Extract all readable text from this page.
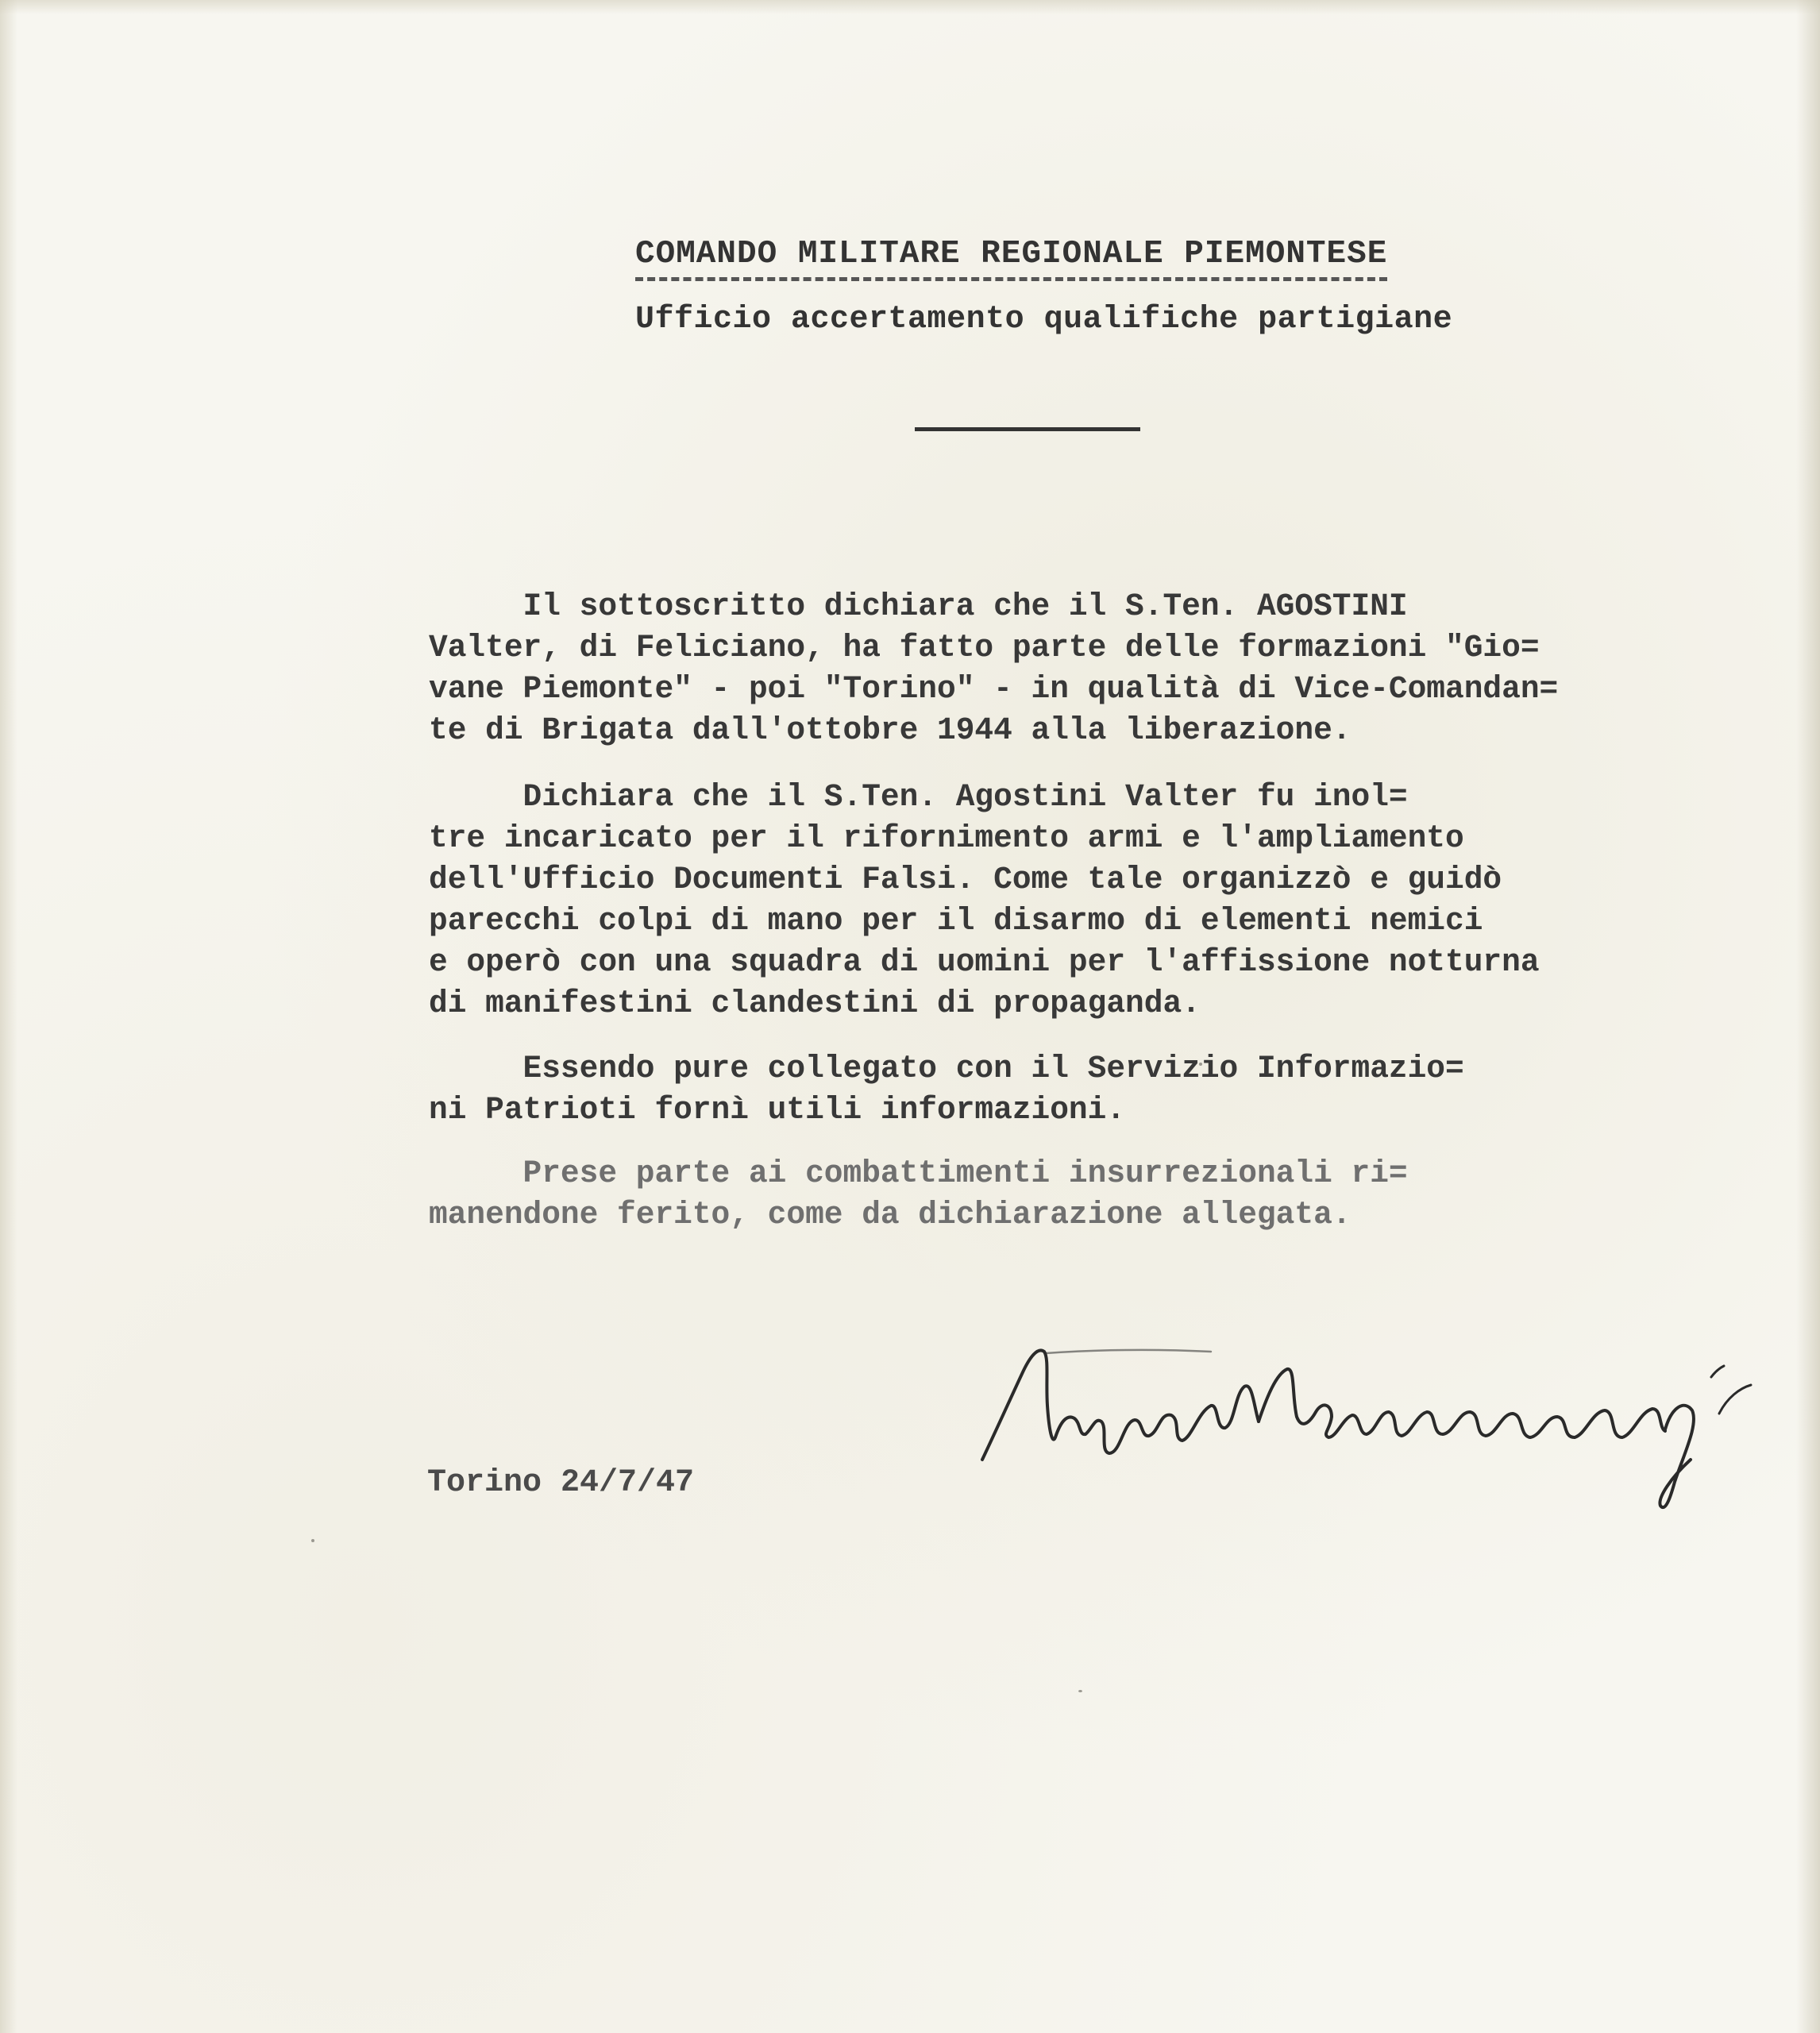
COMANDO MILITARE REGIONALE PIEMONTESE
Ufficio accertamento qualifiche partigiane
Il sottoscritto dichiara che il S.Ten. AGOSTINI
Valter, di Feliciano, ha fatto parte delle formazioni "Gio=
vane Piemonte" - poi "Torino" - in qualità di Vice-Comandan=
te di Brigata dall'ottobre 1944 alla liberazione.
Dichiara che il S.Ten. Agostini Valter fu inol=
tre incaricato per il rifornimento armi e l'ampliamento
dell'Ufficio Documenti Falsi. Come tale organizzò e guidò
parecchi colpi di mano per il disarmo di elementi nemici
e operò con una squadra di uomini per l'affissione notturna
di manifestini clandestini di propaganda.
Essendo pure collegato con il Servizio Informazio=
ni Patrioti fornì utili informazioni.
Prese parte ai combattimenti insurrezionali ri=
manendone ferito, come da dichiarazione allegata.
Torino 24/7/47
